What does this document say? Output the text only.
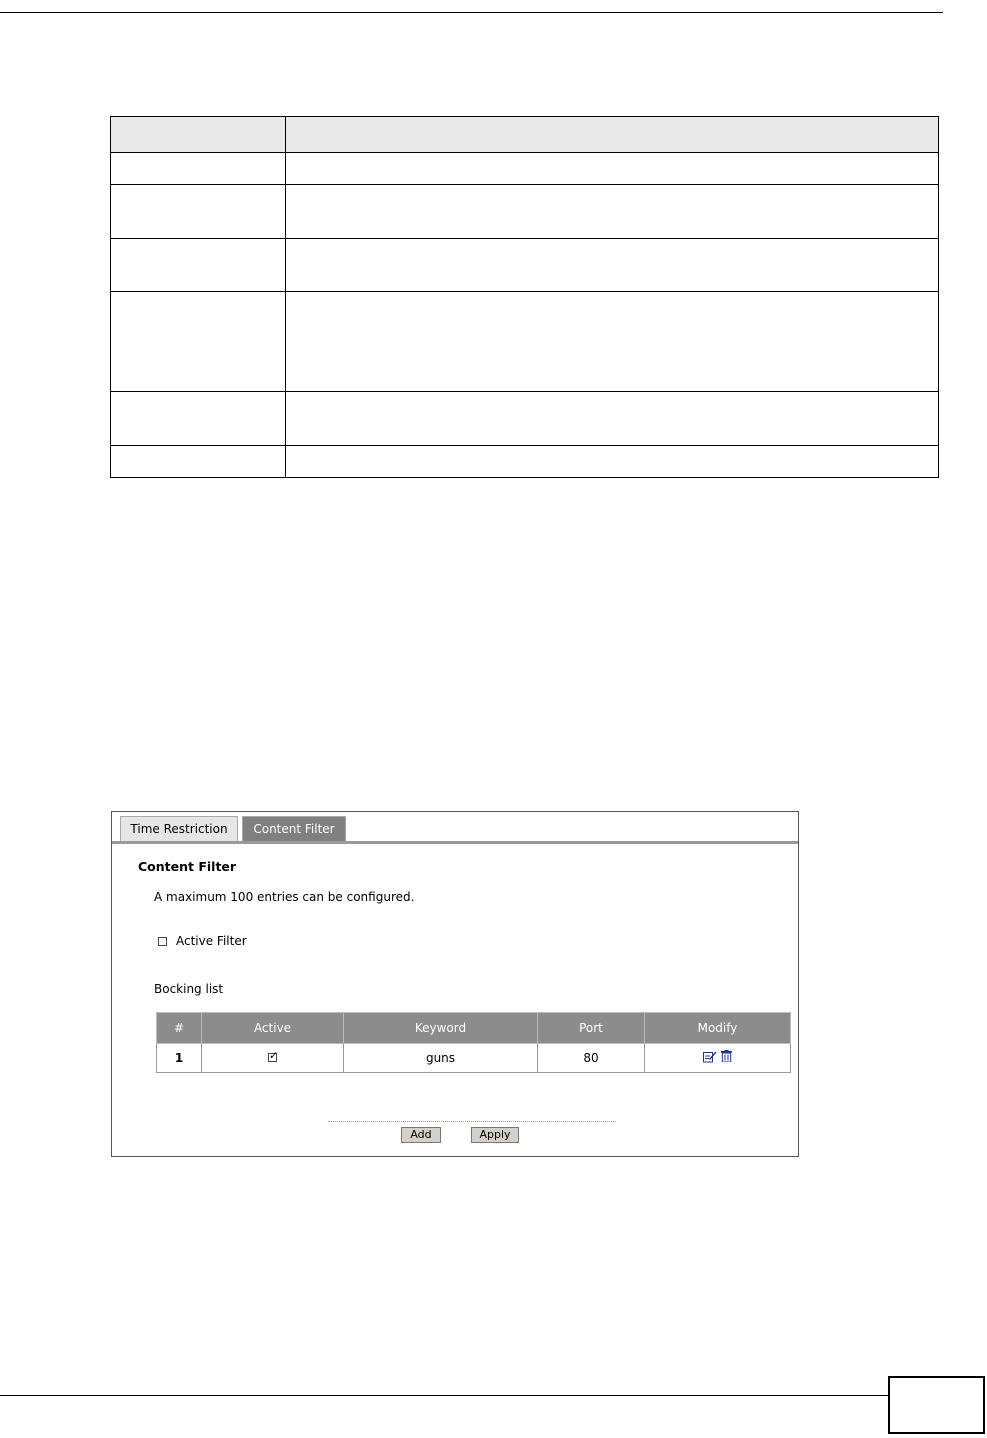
Time Restriction	Content Filter
Content Filter
A maximum 100 entries can be configured.
Active Filter
Bocking list
#	Active	Keyword	Port	Modify
1	✓	guns	80	
Add	Apply
